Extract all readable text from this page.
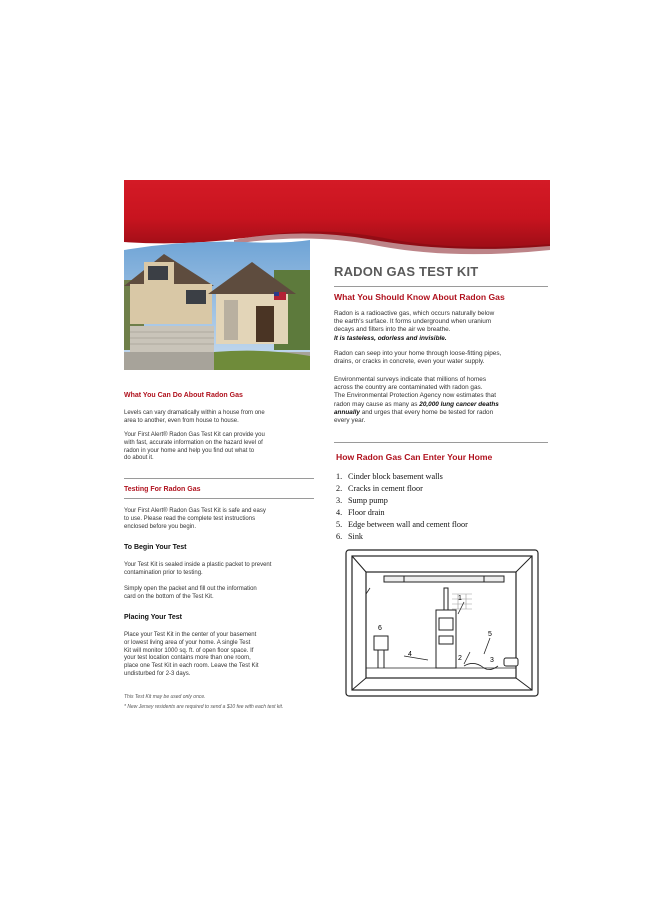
RADON GAS TEST KIT
What You Should Know About Radon Gas
Radon is a radioactive gas, which occurs naturally below
the earth's surface. It forms underground when uranium
decays and filters into the air we breathe.
It is tasteless, odorless and invisible.
Radon can seep into your home through loose-fitting pipes,
drains, or cracks in concrete, even your water supply.
Environmental surveys indicate that millions of homes
across the country are contaminated with radon gas.
The Environmental Protection Agency now estimates that
radon may cause as many as 20,000 lung cancer deaths
annually and urges that every home be tested for radon
every year.
How Radon Gas Can Enter Your Home
1. Cinder block basement walls
2. Cracks in cement floor
3. Sump pump
4. Floor drain
5. Edge between wall and cement floor
6. Sink
1
2	3
4
5
6
What You Can Do About Radon Gas
Levels can vary dramatically within a house from one
area to another, even from house to house.
Your First Alert® Radon Gas Test Kit can provide you
with fast, accurate information on the hazard level of
radon in your home and help you find out what to
do about it.
Testing For Radon Gas
Your First Alert® Radon Gas Test Kit is safe and easy
to use. Please read the complete test instructions
enclosed before you begin.
To Begin Your Test
Your Test Kit is sealed inside a plastic packet to prevent
contamination prior to testing.
Simply open the packet and fill out the information
card on the bottom of the Test Kit.
Placing Your Test
Place your Test Kit in the center of your basement
or lowest living area of your home. A single Test
Kit will monitor 1000 sq. ft. of open floor space. If
your test location contains more than one room,
place one Test Kit in each room. Leave the Test Kit
undisturbed for 2-3 days.
This Test Kit may be used only once.
* New Jersey residents are required to send a $10 fee with each test kit.
